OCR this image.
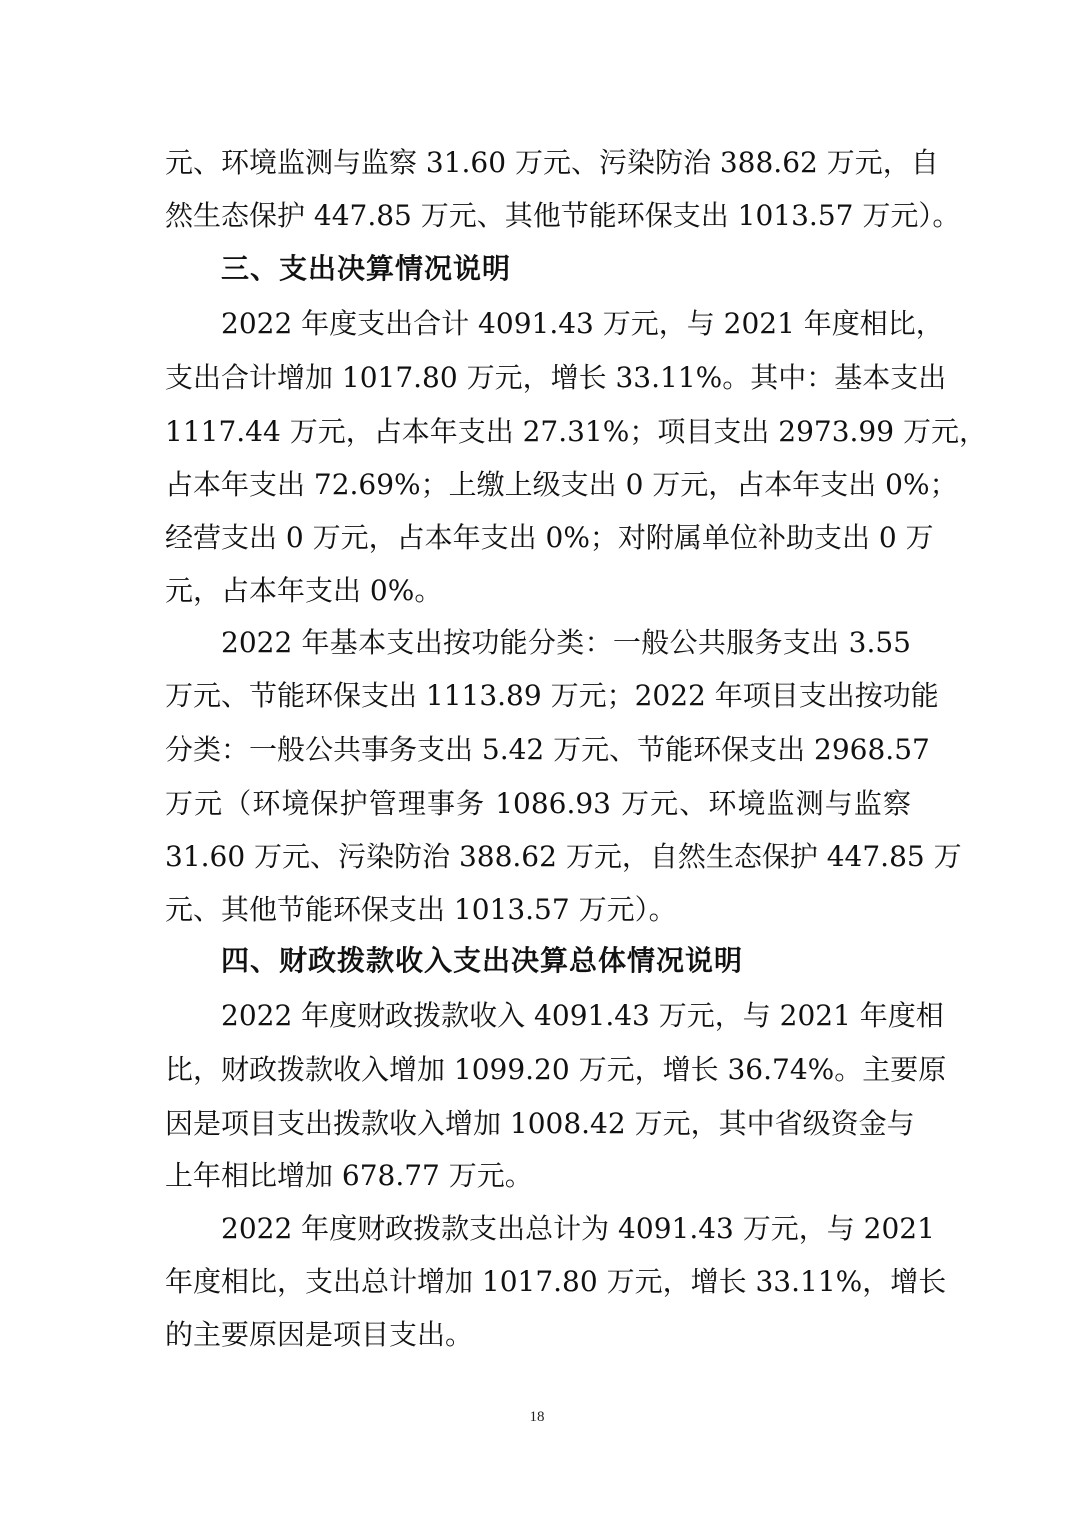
元、环境监测与监察 31.60 万元、污染防治 388.62 万元，自
然生态保护 447.85 万元、其他节能环保支出 1013.57 万元）。
三、支出决算情况说明
2022 年度支出合计 4091.43 万元，与 2021 年度相比，
支出合计增加 1017.80 万元，增长 33.11%。其中：基本支出
1117.44 万元，占本年支出 27.31%；项目支出 2973.99 万元，
占本年支出 72.69%；上缴上级支出 0 万元，占本年支出 0%；
经营支出 0 万元，占本年支出 0%；对附属单位补助支出 0 万
元，占本年支出 0%。
2022 年基本支出按功能分类：一般公共服务支出 3.55
万元、节能环保支出 1113.89 万元；2022 年项目支出按功能
分类：一般公共事务支出 5.42 万元、节能环保支出 2968.57
万元（环境保护管理事务 1086.93 万元、环境监测与监察
31.60 万元、污染防治 388.62 万元，自然生态保护 447.85 万
元、其他节能环保支出 1013.57 万元）。
四、财政拨款收入支出决算总体情况说明
2022 年度财政拨款收入 4091.43 万元，与 2021 年度相
比，财政拨款收入增加 1099.20 万元，增长 36.74%。主要原
因是项目支出拨款收入增加 1008.42 万元，其中省级资金与
上年相比增加 678.77 万元。
2022 年度财政拨款支出总计为 4091.43 万元，与 2021
年度相比，支出总计增加 1017.80 万元，增长 33.11%，增长
的主要原因是项目支出。
18
